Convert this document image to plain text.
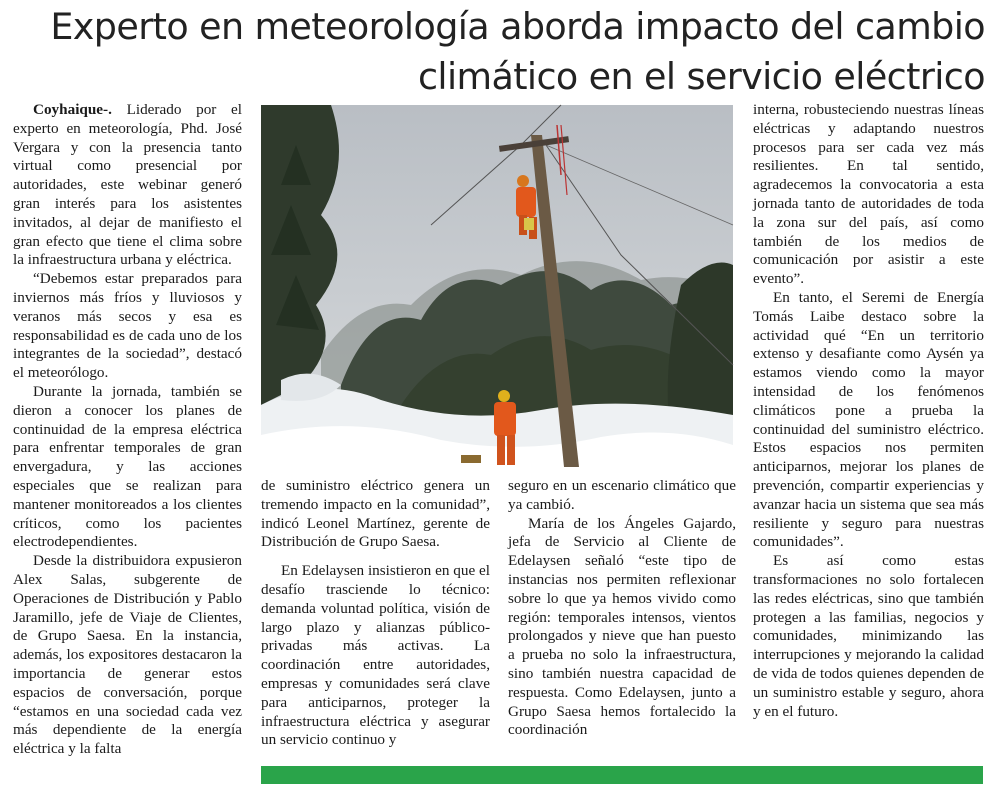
Experto en meteorología aborda impacto del cambio climático en el servicio eléctrico

Coyhaique-. Liderado por el experto en meteorología, Phd. José Vergara y con la presencia tanto virtual como presencial por autoridades, este webinar generó gran interés para los asistentes invitados, al dejar de manifiesto el gran efecto que tiene el clima sobre la infraestructura urbana y eléctrica.

“Debemos estar preparados para inviernos más fríos y lluviosos y veranos más secos y esa es responsabilidad es de cada uno de los integrantes de la sociedad”, destacó el meteorólogo.

Durante la jornada, también se dieron a conocer los planes de continuidad de la empresa eléctrica para enfrentar temporales de gran envergadura, y las acciones especiales que se realizan para mantener monitoreados a los clientes críticos, como los pacientes electrodependientes.

Desde la distribuidora expusieron Alex Salas, subgerente de Operaciones de Distribución y Pablo Jaramillo, jefe de Viaje de Clientes, de Grupo Saesa. En la instancia, además, los expositores destacaron la importancia de generar estos espacios de conversación, porque “estamos en una sociedad cada vez más dependiente de la energía eléctrica y la falta

de suministro eléctrico genera un tremendo impacto en la comunidad”, indicó Leonel Martínez, gerente de Distribución de Grupo Saesa.

En Edelaysen insistieron en que el desafío trasciende lo técnico: demanda voluntad política, visión de largo plazo y alianzas público-privadas más activas. La coordinación entre autoridades, empresas y comunidades será clave para anticiparnos, proteger la infraestructura eléctrica y asegurar un servicio continuo y

seguro en un escenario climático que ya cambió.

María de los Ángeles Gajardo, jefa de Servicio al Cliente de Edelaysen señaló “este tipo de instancias nos permiten reflexionar sobre lo que ya hemos vivido como región: temporales intensos, vientos prolongados y nieve que han puesto a prueba no solo la infraestructura, sino también nuestra capacidad de respuesta. Como Edelaysen, junto a Grupo Saesa hemos fortalecido la coordinación

interna, robusteciendo nuestras líneas eléctricas y adaptando nuestros procesos para ser cada vez más resilientes. En tal sentido, agradecemos la convocatoria a esta jornada tanto de autoridades de toda la zona sur del país, así como también de los medios de comunicación por asistir a este evento”.

En tanto, el Seremi de Energía Tomás Laibe destaco sobre la actividad qué “En un territorio extenso y desafiante como Aysén ya estamos viendo como la mayor intensidad de los fenómenos climáticos pone a prueba la continuidad del suministro eléctrico. Estos espacios nos permiten anticiparnos, mejorar los planes de prevención, compartir experiencias y avanzar hacia un sistema que sea más resiliente y seguro para nuestras comunidades”.

Es así como estas transformaciones no solo fortalecen las redes eléctricas, sino que también protegen a las familias, negocios y comunidades, minimizando las interrupciones y mejorando la calidad de vida de todos quienes dependen de un suministro estable y seguro, ahora y en el futuro.
